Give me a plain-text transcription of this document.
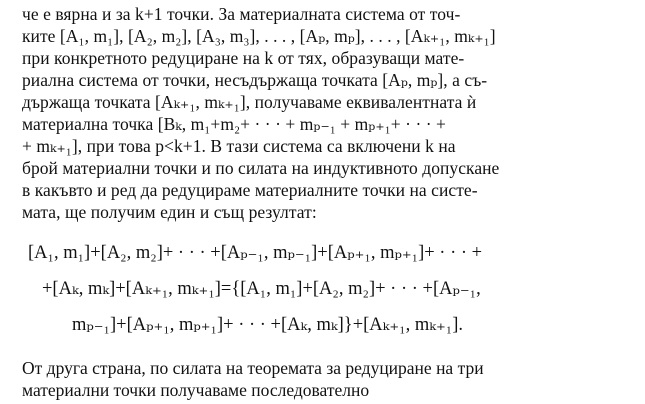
че е вярна и за k+1 точки. За материалната система от точ-
ките [A₁, m₁], [A₂, m₂], [A₃, m₃], . . . , [Aₚ, mₚ], . . . , [Aₖ₊₁, mₖ₊₁]
при конкретното редуциране на k от тях, образуващи мате-
риална система от точки, несъдържаща точката [Aₚ, mₚ], а съ-
държаща точката [Aₖ₊₁, mₖ₊₁], получаваме еквивалентната ѝ
материална точка [Bₖ, m₁+m₂+ · · · + mₚ₋₁ + mₚ₊₁+ · · · +
+ mₖ₊₁], при това p<k+1. В тази система са включени k на
брой материални точки и по силата на индуктивното допускане
в какъвто и ред да редуцираме материалните точки на систе-
мата, ще получим един и същ резултат:
[A₁, m₁]+[A₂, m₂]+ · · · +[Aₚ₋₁, mₚ₋₁]+[Aₚ₊₁, mₚ₊₁]+ · · · +
+[Aₖ, mₖ]+[Aₖ₊₁, mₖ₊₁]={[A₁, m₁]+[A₂, m₂]+ · · · +[Aₚ₋₁,
mₚ₋₁]+[Aₚ₊₁, mₚ₊₁]+ · · · +[Aₖ, mₖ]}+[Aₖ₊₁, mₖ₊₁].
От друга страна, по силата на теоремата за редуциране на три
материални точки получаваме последователно
